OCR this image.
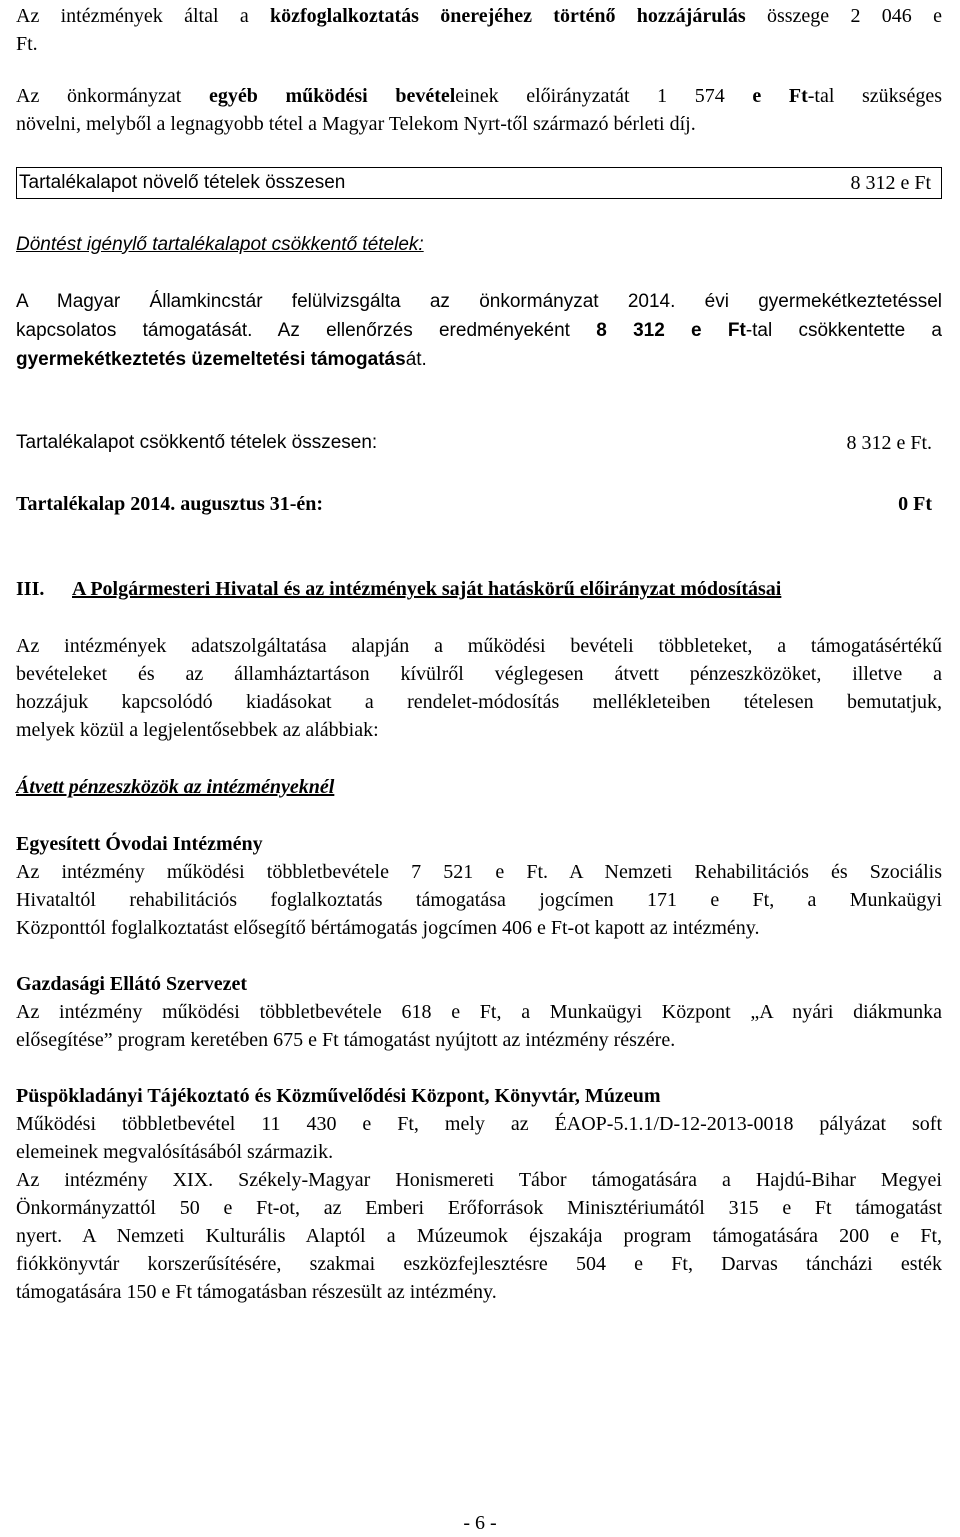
Az intézmények által a közfoglalkoztatás önerejéhez történő hozzájárulás összege 2 046 e
Ft.

Az önkormányzat egyéb működési bevételeinek előirányzatát 1 574 e Ft-tal szükséges
növelni, melyből a legnagyobb tétel a Magyar Telekom Nyrt-től származó bérleti díj.

Tartalékalapot növelő tételek összesen	8 312 e Ft
Döntést igénylő tartalékalapot csökkentő tételek:

A Magyar Államkincstár felülvizsgálta az önkormányzat 2014. évi gyermekétkeztetéssel
kapcsolatos támogatását. Az ellenőrzés eredményeként 8 312 e Ft-tal csökkentette a
gyermekétkeztetés üzemeltetési támogatását.

Tartalékalapot csökkentő tételek összesen:	8 312 e Ft.
Tartalékalap 2014. augusztus 31-én:	0 Ft
III. A Polgármesteri Hivatal és az intézmények saját hatáskörű előirányzat módosításai

Az intézmények adatszolgáltatása alapján a működési bevételi többleteket, a támogatásértékű
bevételeket és az államháztartáson kívülről véglegesen átvett pénzeszközöket, illetve a
hozzájuk kapcsolódó kiadásokat a rendelet-módosítás mellékleteiben tételesen bemutatjuk,
melyek közül a legjelentősebbek az alábbiak:

Átvett pénzeszközök az intézményeknél
Egyesített Óvodai Intézmény

Az intézmény működési többletbevétele 7 521 e Ft. A Nemzeti Rehabilitációs és Szociális
Hivataltól rehabilitációs foglalkoztatás támogatása jogcímen 171 e Ft, a Munkaügyi
Központtól foglalkoztatást elősegítő bértámogatás jogcímen 406 e Ft-ot kapott az intézmény.

Gazdasági Ellátó Szervezet

Az intézmény működési többletbevétele 618 e Ft, a Munkaügyi Központ „A nyári diákmunka
elősegítése” program keretében 675 e Ft támogatást nyújtott az intézmény részére.

Püspökladányi Tájékoztató és Közművelődési Központ, Könyvtár, Múzeum

Működési többletbevétel 11 430 e Ft, mely az ÉAOP-5.1.1/D-12-2013-0018 pályázat soft
elemeinek megvalósításából származik.
Az intézmény XIX. Székely-Magyar Honismereti Tábor támogatására a Hajdú-Bihar Megyei
Önkormányzattól 50 e Ft-ot, az Emberi Erőforrások Minisztériumától 315 e Ft támogatást
nyert. A Nemzeti Kulturális Alaptól a Múzeumok éjszakája program támogatására 200 e Ft,
fiókkönyvtár korszerűsítésére, szakmai eszközfejlesztésre 504 e Ft, Darvas táncházi esték
támogatására 150 e Ft támogatásban részesült az intézmény.

- 6 -
